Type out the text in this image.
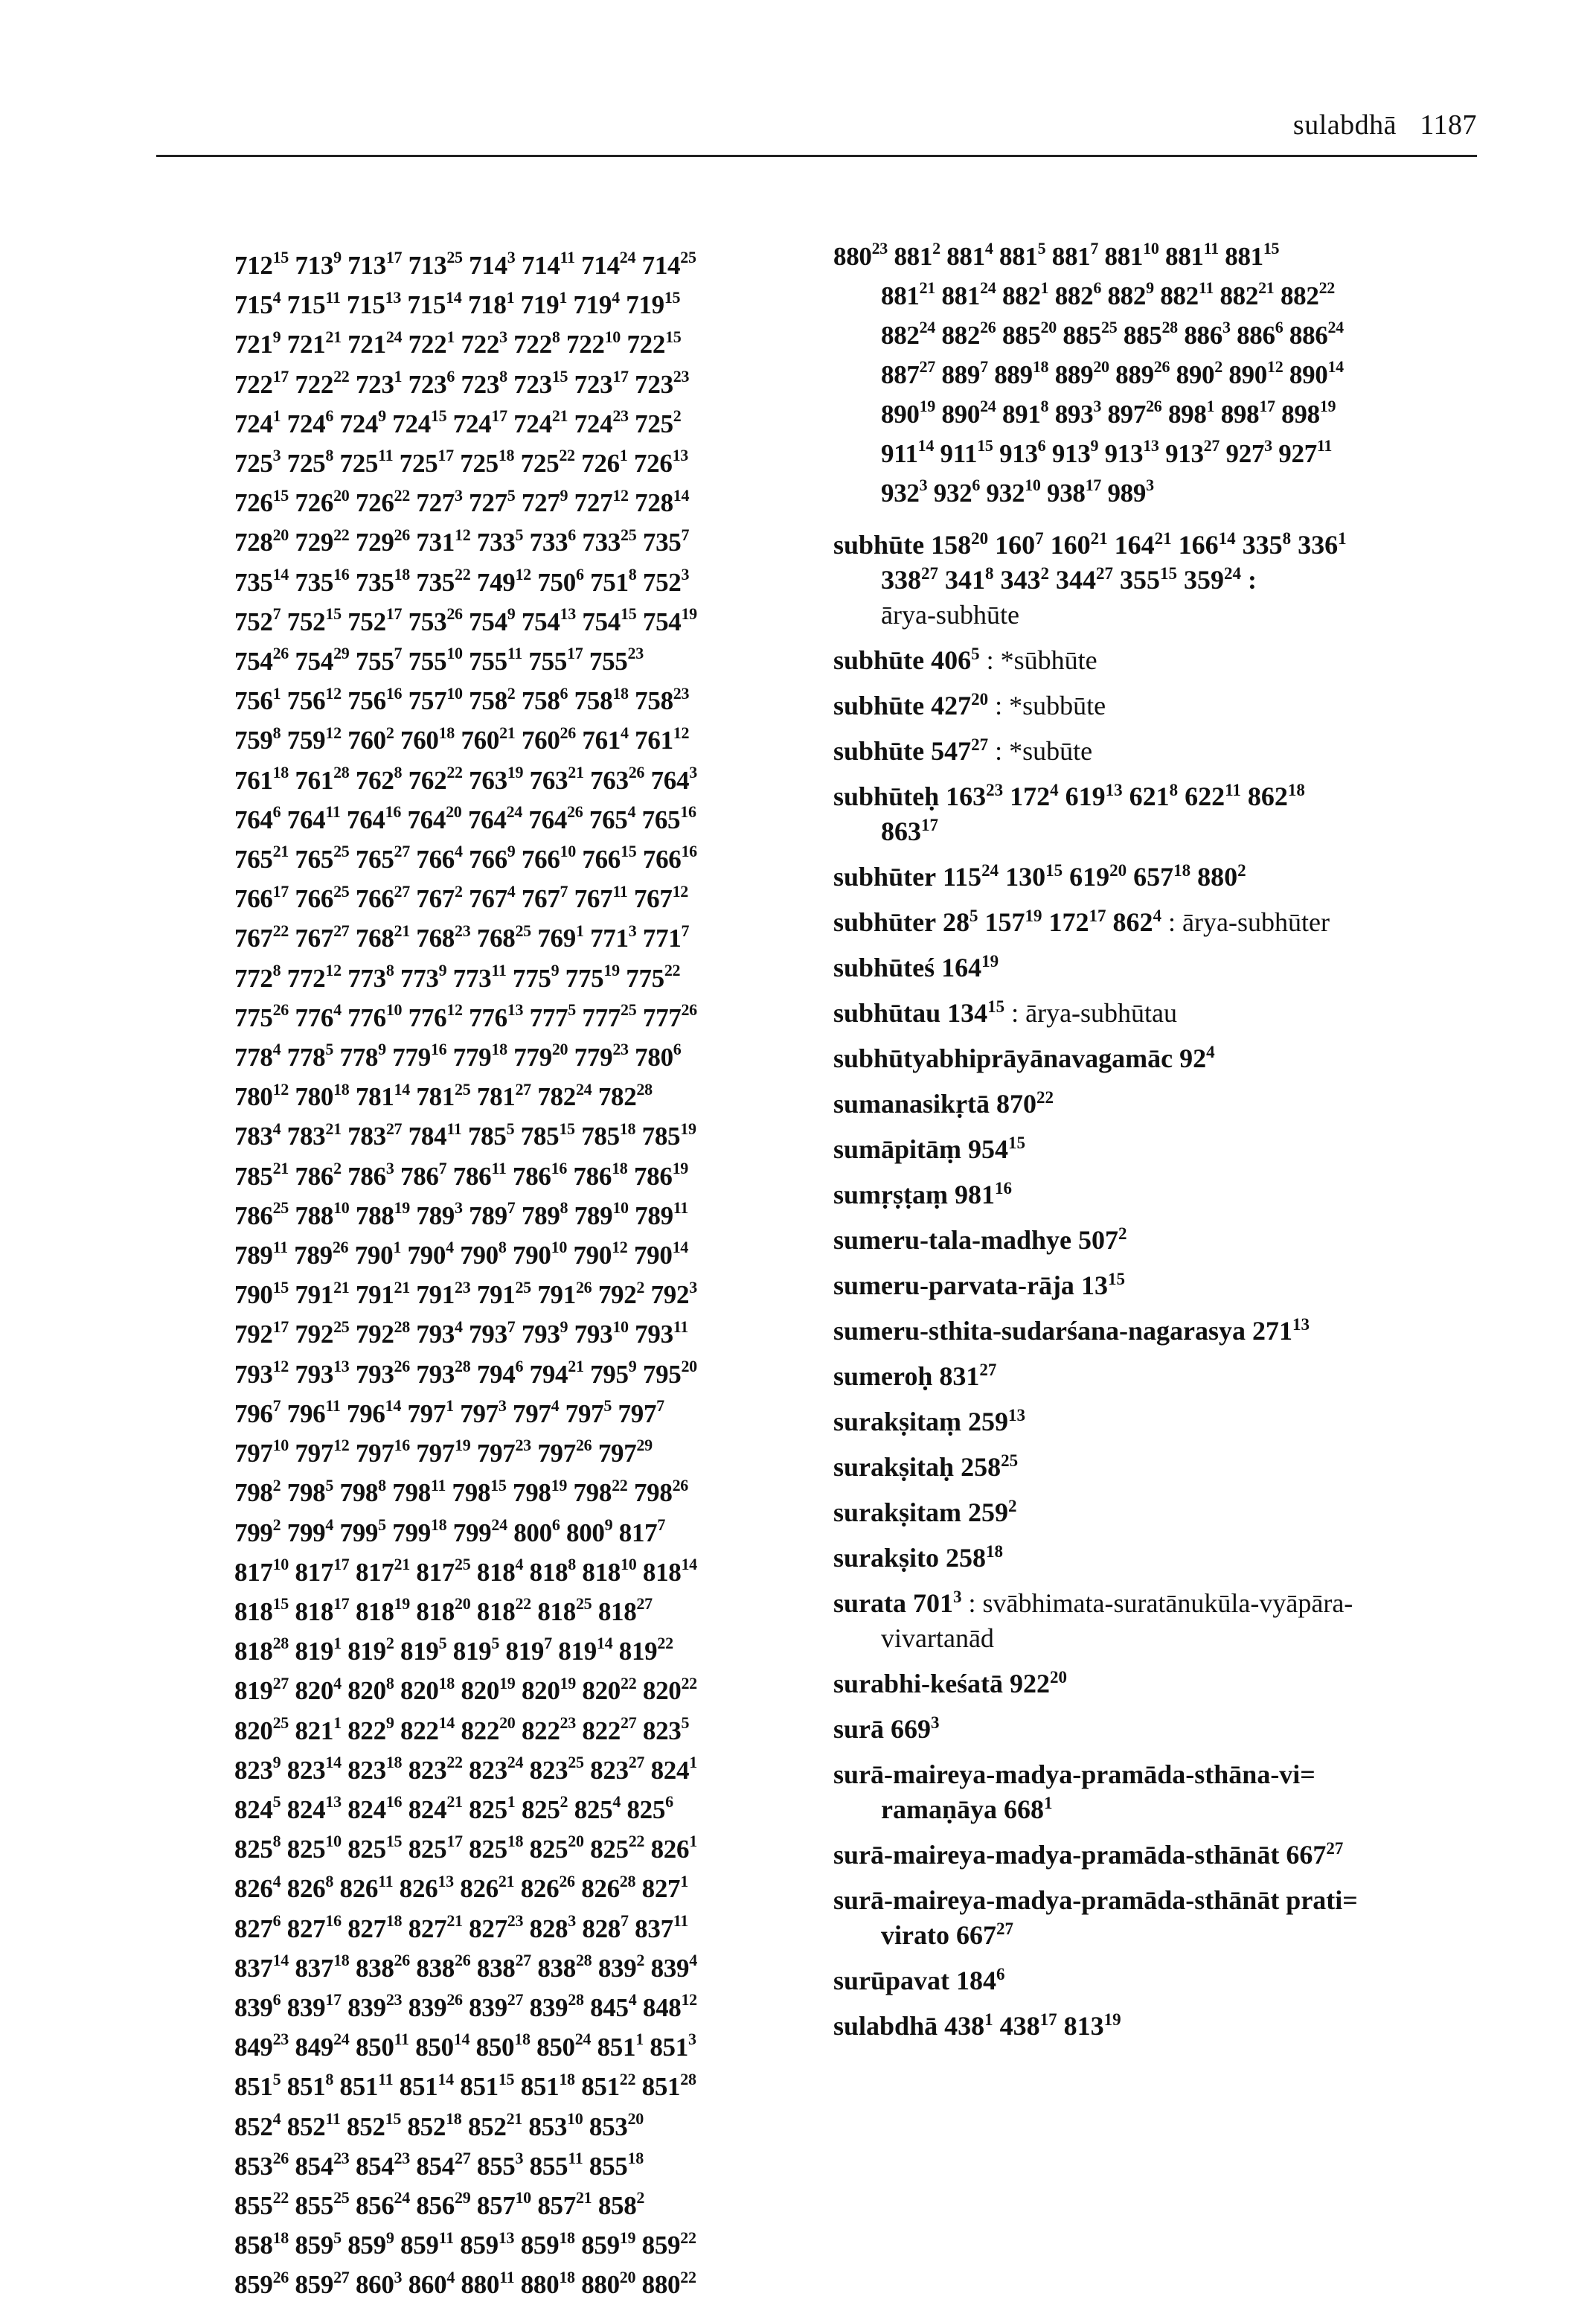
sulabdhā 1187
$712^{15}$ $713^9$ $713^{17}$ $713^{25}$ $714^3$ $714^{11}$ $714^{24}$ $714^{25}$
$715^4$ $715^{11}$ $715^{13}$ $715^{14}$ $718^1$ $719^1$ $719^4$ $719^{15}$
$721^9$ $721^{21}$ $721^{24}$ $722^1$ $722^3$ $722^8$ $722^{10}$ $722^{15}$
$722^{17}$ $722^{22}$ $723^1$ $723^6$ $723^8$ $723^{15}$ $723^{17}$ $723^{23}$
$724^1$ $724^6$ $724^9$ $724^{15}$ $724^{17}$ $724^{21}$ $724^{23}$ $725^2$
$725^3$ $725^8$ $725^{11}$ $725^{17}$ $725^{18}$ $725^{22}$ $726^1$ $726^{13}$
$726^{15}$ $726^{20}$ $726^{22}$ $727^3$ $727^5$ $727^9$ $727^{12}$ $728^{14}$
$728^{20}$ $729^{22}$ $729^{26}$ $731^{12}$ $733^5$ $733^6$ $733^{25}$ $735^7$
$735^{14}$ $735^{16}$ $735^{18}$ $735^{22}$ $749^{12}$ $750^6$ $751^8$ $752^3$
$752^7$ $752^{15}$ $752^{17}$ $753^{26}$ $754^9$ $754^{13}$ $754^{15}$ $754^{19}$
$754^{26}$ $754^{29}$ $755^7$ $755^{10}$ $755^{11}$ $755^{17}$ $755^{23}$
$756^1$ $756^{12}$ $756^{16}$ $757^{10}$ $758^2$ $758^6$ $758^{18}$ $758^{23}$
$759^8$ $759^{12}$ $760^2$ $760^{18}$ $760^{21}$ $760^{26}$ $761^4$ $761^{12}$
$761^{18}$ $761^{28}$ $762^8$ $762^{22}$ $763^{19}$ $763^{21}$ $763^{26}$ $764^3$
$764^6$ $764^{11}$ $764^{16}$ $764^{20}$ $764^{24}$ $764^{26}$ $765^4$ $765^{16}$
$765^{21}$ $765^{25}$ $765^{27}$ $766^4$ $766^9$ $766^{10}$ $766^{15}$ $766^{16}$
$766^{17}$ $766^{25}$ $766^{27}$ $767^2$ $767^4$ $767^7$ $767^{11}$ $767^{12}$
$767^{22}$ $767^{27}$ $768^{21}$ $768^{23}$ $768^{25}$ $769^1$ $771^3$ $771^7$
$772^8$ $772^{12}$ $773^8$ $773^9$ $773^{11}$ $775^9$ $775^{19}$ $775^{22}$
$775^{26}$ $776^4$ $776^{10}$ $776^{12}$ $776^{13}$ $777^5$ $777^{25}$ $777^{26}$
$778^4$ $778^5$ $778^9$ $779^{16}$ $779^{18}$ $779^{20}$ $779^{23}$ $780^6$
$780^{12}$ $780^{18}$ $781^{14}$ $781^{25}$ $781^{27}$ $782^{24}$ $782^{28}$
$783^4$ $783^{21}$ $783^{27}$ $784^{11}$ $785^5$ $785^{15}$ $785^{18}$ $785^{19}$
$785^{21}$ $786^2$ $786^3$ $786^7$ $786^{11}$ $786^{16}$ $786^{18}$ $786^{19}$
$786^{25}$ $788^{10}$ $788^{19}$ $789^3$ $789^7$ $789^8$ $789^{10}$ $789^{11}$
$789^{11}$ $789^{26}$ $790^1$ $790^4$ $790^8$ $790^{10}$ $790^{12}$ $790^{14}$
$790^{15}$ $791^{21}$ $791^{21}$ $791^{23}$ $791^{25}$ $791^{26}$ $792^2$ $792^3$
$792^{17}$ $792^{25}$ $792^{28}$ $793^4$ $793^7$ $793^9$ $793^{10}$ $793^{11}$
$793^{12}$ $793^{13}$ $793^{26}$ $793^{28}$ $794^6$ $794^{21}$ $795^9$ $795^{20}$
$796^7$ $796^{11}$ $796^{14}$ $797^1$ $797^3$ $797^4$ $797^5$ $797^7$
$797^{10}$ $797^{12}$ $797^{16}$ $797^{19}$ $797^{23}$ $797^{26}$ $797^{29}$
$798^2$ $798^5$ $798^8$ $798^{11}$ $798^{15}$ $798^{19}$ $798^{22}$ $798^{26}$
$799^2$ $799^4$ $799^5$ $799^{18}$ $799^{24}$ $800^6$ $800^9$ $817^7$
$817^{10}$ $817^{17}$ $817^{21}$ $817^{25}$ $818^4$ $818^8$ $818^{10}$ $818^{14}$
$818^{15}$ $818^{17}$ $818^{19}$ $818^{20}$ $818^{22}$ $818^{25}$ $818^{27}$
$818^{28}$ $819^1$ $819^2$ $819^5$ $819^5$ $819^7$ $819^{14}$ $819^{22}$
$819^{27}$ $820^4$ $820^8$ $820^{18}$ $820^{19}$ $820^{19}$ $820^{22}$ $820^{22}$
$820^{25}$ $821^1$ $822^9$ $822^{14}$ $822^{20}$ $822^{23}$ $822^{27}$ $823^5$
$823^9$ $823^{14}$ $823^{18}$ $823^{22}$ $823^{24}$ $823^{25}$ $823^{27}$ $824^1$
$824^5$ $824^{13}$ $824^{16}$ $824^{21}$ $825^1$ $825^2$ $825^4$ $825^6$
$825^8$ $825^{10}$ $825^{15}$ $825^{17}$ $825^{18}$ $825^{20}$ $825^{22}$ $826^1$
$826^4$ $826^8$ $826^{11}$ $826^{13}$ $826^{21}$ $826^{26}$ $826^{28}$ $827^1$
$827^6$ $827^{16}$ $827^{18}$ $827^{21}$ $827^{23}$ $828^3$ $828^7$ $837^{11}$
$837^{14}$ $837^{18}$ $838^{26}$ $838^{26}$ $838^{27}$ $838^{28}$ $839^2$ $839^4$
$839^6$ $839^{17}$ $839^{23}$ $839^{26}$ $839^{27}$ $839^{28}$ $845^4$ $848^{12}$
$849^{23}$ $849^{24}$ $850^{11}$ $850^{14}$ $850^{18}$ $850^{24}$ $851^1$ $851^3$
$851^5$ $851^8$ $851^{11}$ $851^{14}$ $851^{15}$ $851^{18}$ $851^{22}$ $851^{28}$
$852^4$ $852^{11}$ $852^{15}$ $852^{18}$ $852^{21}$ $853^{10}$ $853^{20}$
$853^{26}$ $854^{23}$ $854^{23}$ $854^{27}$ $855^3$ $855^{11}$ $855^{18}$
$855^{22}$ $855^{25}$ $856^{24}$ $856^{29}$ $857^{10}$ $857^{21}$ $858^2$
$858^{18}$ $859^5$ $859^9$ $859^{11}$ $859^{13}$ $859^{18}$ $859^{19}$ $859^{22}$
$859^{26}$ $859^{27}$ $860^3$ $860^4$ $880^{11}$ $880^{18}$ $880^{20}$ $880^{22}$
$880^{23}$ $881^2$ $881^4$ $881^5$ $881^7$ $881^{10}$ $881^{11}$ $881^{15}$
$881^{21}$ $881^{24}$ $882^1$ $882^6$ $882^9$ $882^{11}$ $882^{21}$ $882^{22}$
$882^{24}$ $882^{26}$ $885^{20}$ $885^{25}$ $885^{28}$ $886^3$ $886^6$ $886^{24}$
$887^{27}$ $889^7$ $889^{18}$ $889^{20}$ $889^{26}$ $890^2$ $890^{12}$ $890^{14}$
$890^{19}$ $890^{24}$ $891^8$ $893^3$ $897^{26}$ $898^1$ $898^{17}$ $898^{19}$
$911^{14}$ $911^{15}$ $913^6$ $913^9$ $913^{13}$ $913^{27}$ $927^3$ $927^{11}$
$932^3$ $932^6$ $932^{10}$ $938^{17}$ $989^3$
subhūte $158^{20}$ $160^7$ $160^{21}$ $164^{21}$ $166^{14}$ $335^8$ $336^1$
$338^{27}$ $341^8$ $343^2$ $344^{27}$ $355^{15}$ $359^{24}$ :
ārya-subhūte
subhūte $406^5$ : *sūbhūte
subhūte $427^{20}$ : *subbūte
subhūte $547^{27}$ : *subūte
subhūteḥ $163^{23}$ $172^4$ $619^{13}$ $621^8$ $622^{11}$ $862^{18}$
$863^{17}$
subhūter $115^{24}$ $130^{15}$ $619^{20}$ $657^{18}$ $880^2$
subhūter $28^5$ $157^{19}$ $172^{17}$ $862^4$ : ārya-subhūter
subhūteś $164^{19}$
subhūtau $134^{15}$ : ārya-subhūtau
subhūtyabhiprāyānavagamāc $92^4$
sumanasikṛtā $870^{22}$
sumāpitāṃ $954^{15}$
sumṛṣṭaṃ $981^{16}$
sumeru-tala-madhye $507^2$
sumeru-parvata-rāja $13^{15}$
sumeru-sthita-sudarśana-nagarasya $271^{13}$
sumeroḥ $831^{27}$
surakṣitaṃ $259^{13}$
surakṣitaḥ $258^{25}$
surakṣitam $259^2$
surakṣito $258^{18}$
surata $701^3$ : svābhimata-suratānukūla-vyāpāra-
vivartanād
surabhi-keśatā $922^{20}$
surā $669^3$
surā-maireya-madya-pramāda-sthāna-vi=
ramaṇāya $668^1$
surā-maireya-madya-pramāda-sthānāt $667^{27}$
surā-maireya-madya-pramāda-sthānāt prati=
virato $667^{27}$
surūpavat $184^6$
sulabdhā $438^1$ $438^{17}$ $813^{19}$
